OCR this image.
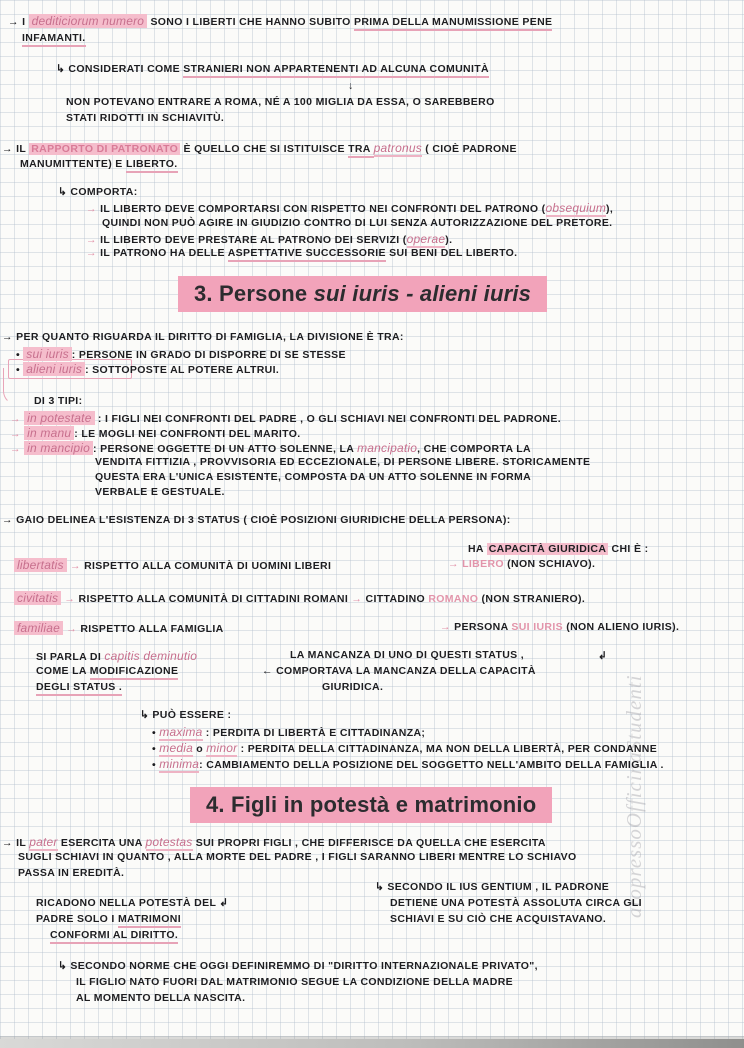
atopressoOfficinaStudenti
→ I dediticiorum numero SONO I LIBERTI CHE HANNO SUBITO PRIMA DELLA MANUMISSIONE PENE
INFAMANTI.
↳ CONSIDERATI COME STRANIERI NON APPARTENENTI AD ALCUNA COMUNITÀ
↓
NON POTEVANO ENTRARE A ROMA, NÉ A 100 MIGLIA DA ESSA, O SAREBBERO
STATI RIDOTTI IN SCHIAVITÙ.
→ IL RAPPORTO DI PATRONATO È QUELLO CHE SI ISTITUISCE TRA patronus ( CIOÈ PADRONE
MANUMITTENTE) E LIBERTO.
↳ COMPORTA:
→ IL LIBERTO DEVE COMPORTARSI CON RISPETTO NEI CONFRONTI DEL PATRONO (obsequium),
QUINDI NON PUÒ AGIRE IN GIUDIZIO CONTRO DI LUI SENZA AUTORIZZAZIONE DEL PRETORE.
→ IL LIBERTO DEVE PRESTARE AL PATRONO DEI SERVIZI (operae).
→ IL PATRONO HA DELLE ASPETTATIVE SUCCESSORIE SUI BENI DEL LIBERTO.
3. Persone sui iuris - alieni iuris
→ PER QUANTO RIGUARDA IL DIRITTO DI FAMIGLIA, LA DIVISIONE È TRA:
• sui iuris : PERSONE IN GRADO DI DISPORRE DI SE STESSE
• alieni iuris : SOTTOPOSTE AL POTERE ALTRUI.
DI 3 TIPI:
→ in potestate : I FIGLI NEI CONFRONTI DEL PADRE , O GLI SCHIAVI NEI CONFRONTI DEL PADRONE.
→ in manu : LE MOGLI NEI CONFRONTI DEL MARITO.
→ in mancipio : PERSONE OGGETTE DI UN ATTO SOLENNE, LA mancipatio, CHE COMPORTA LA
VENDITA FITTIZIA , PROVVISORIA ED ECCEZIONALE, DI PERSONE LIBERE. STORICAMENTE
QUESTA ERA L'UNICA ESISTENTE, COMPOSTA DA UN ATTO SOLENNE IN FORMA
VERBALE E GESTUALE.
→ GAIO DELINEA L'ESISTENZA DI 3 STATUS ( CIOÈ POSIZIONI GIURIDICHE DELLA PERSONA):
HA CAPACITÀ GIURIDICA CHI È :
libertatis → RISPETTO ALLA COMUNITÀ DI UOMINI LIBERI	→ LIBERO (NON SCHIAVO).
civitatis → RISPETTO ALLA COMUNITÀ DI CITTADINI ROMANI → CITTADINO ROMANO (NON STRANIERO).
familiae → RISPETTO ALLA FAMIGLIA	→ PERSONA SUI IURIS (NON ALIENO IURIS).
SI PARLA DI capitis deminutio	LA MANCANZA DI UNO DI QUESTI STATUS ,	↲
COME LA MODIFICAZIONE	← COMPORTAVA LA MANCANZA DELLA CAPACITÀ
DEGLI STATUS .	GIURIDICA.
↳ PUÒ ESSERE :
• maxima : PERDITA DI LIBERTÀ E CITTADINANZA;
• media o minor : PERDITA DELLA CITTADINANZA, MA NON DELLA LIBERTÀ, PER CONDANNE
• minima: CAMBIAMENTO DELLA POSIZIONE DEL SOGGETTO NELL'AMBITO DELLA FAMIGLIA .
4. Figli in potestà e matrimonio
→ IL pater ESERCITA UNA potestas SUI PROPRI FIGLI , CHE DIFFERISCE DA QUELLA CHE ESERCITA
SUGLI SCHIAVI IN QUANTO , ALLA MORTE DEL PADRE , I FIGLI SARANNO LIBERI MENTRE LO SCHIAVO
PASSA IN EREDITÀ.
↳ SECONDO IL IUS GENTIUM , IL PADRONE
DETIENE UNA POTESTÀ ASSOLUTA CIRCA GLI
SCHIAVI E SU CIÒ CHE ACQUISTAVANO.
RICADONO NELLA POTESTÀ DEL ↲
PADRE SOLO I MATRIMONI
CONFORMI AL DIRITTO.
↳ SECONDO NORME CHE OGGI DEFINIREMMO DI "DIRITTO INTERNAZIONALE PRIVATO",
IL FIGLIO NATO FUORI DAL MATRIMONIO SEGUE LA CONDIZIONE DELLA MADRE
AL MOMENTO DELLA NASCITA.
